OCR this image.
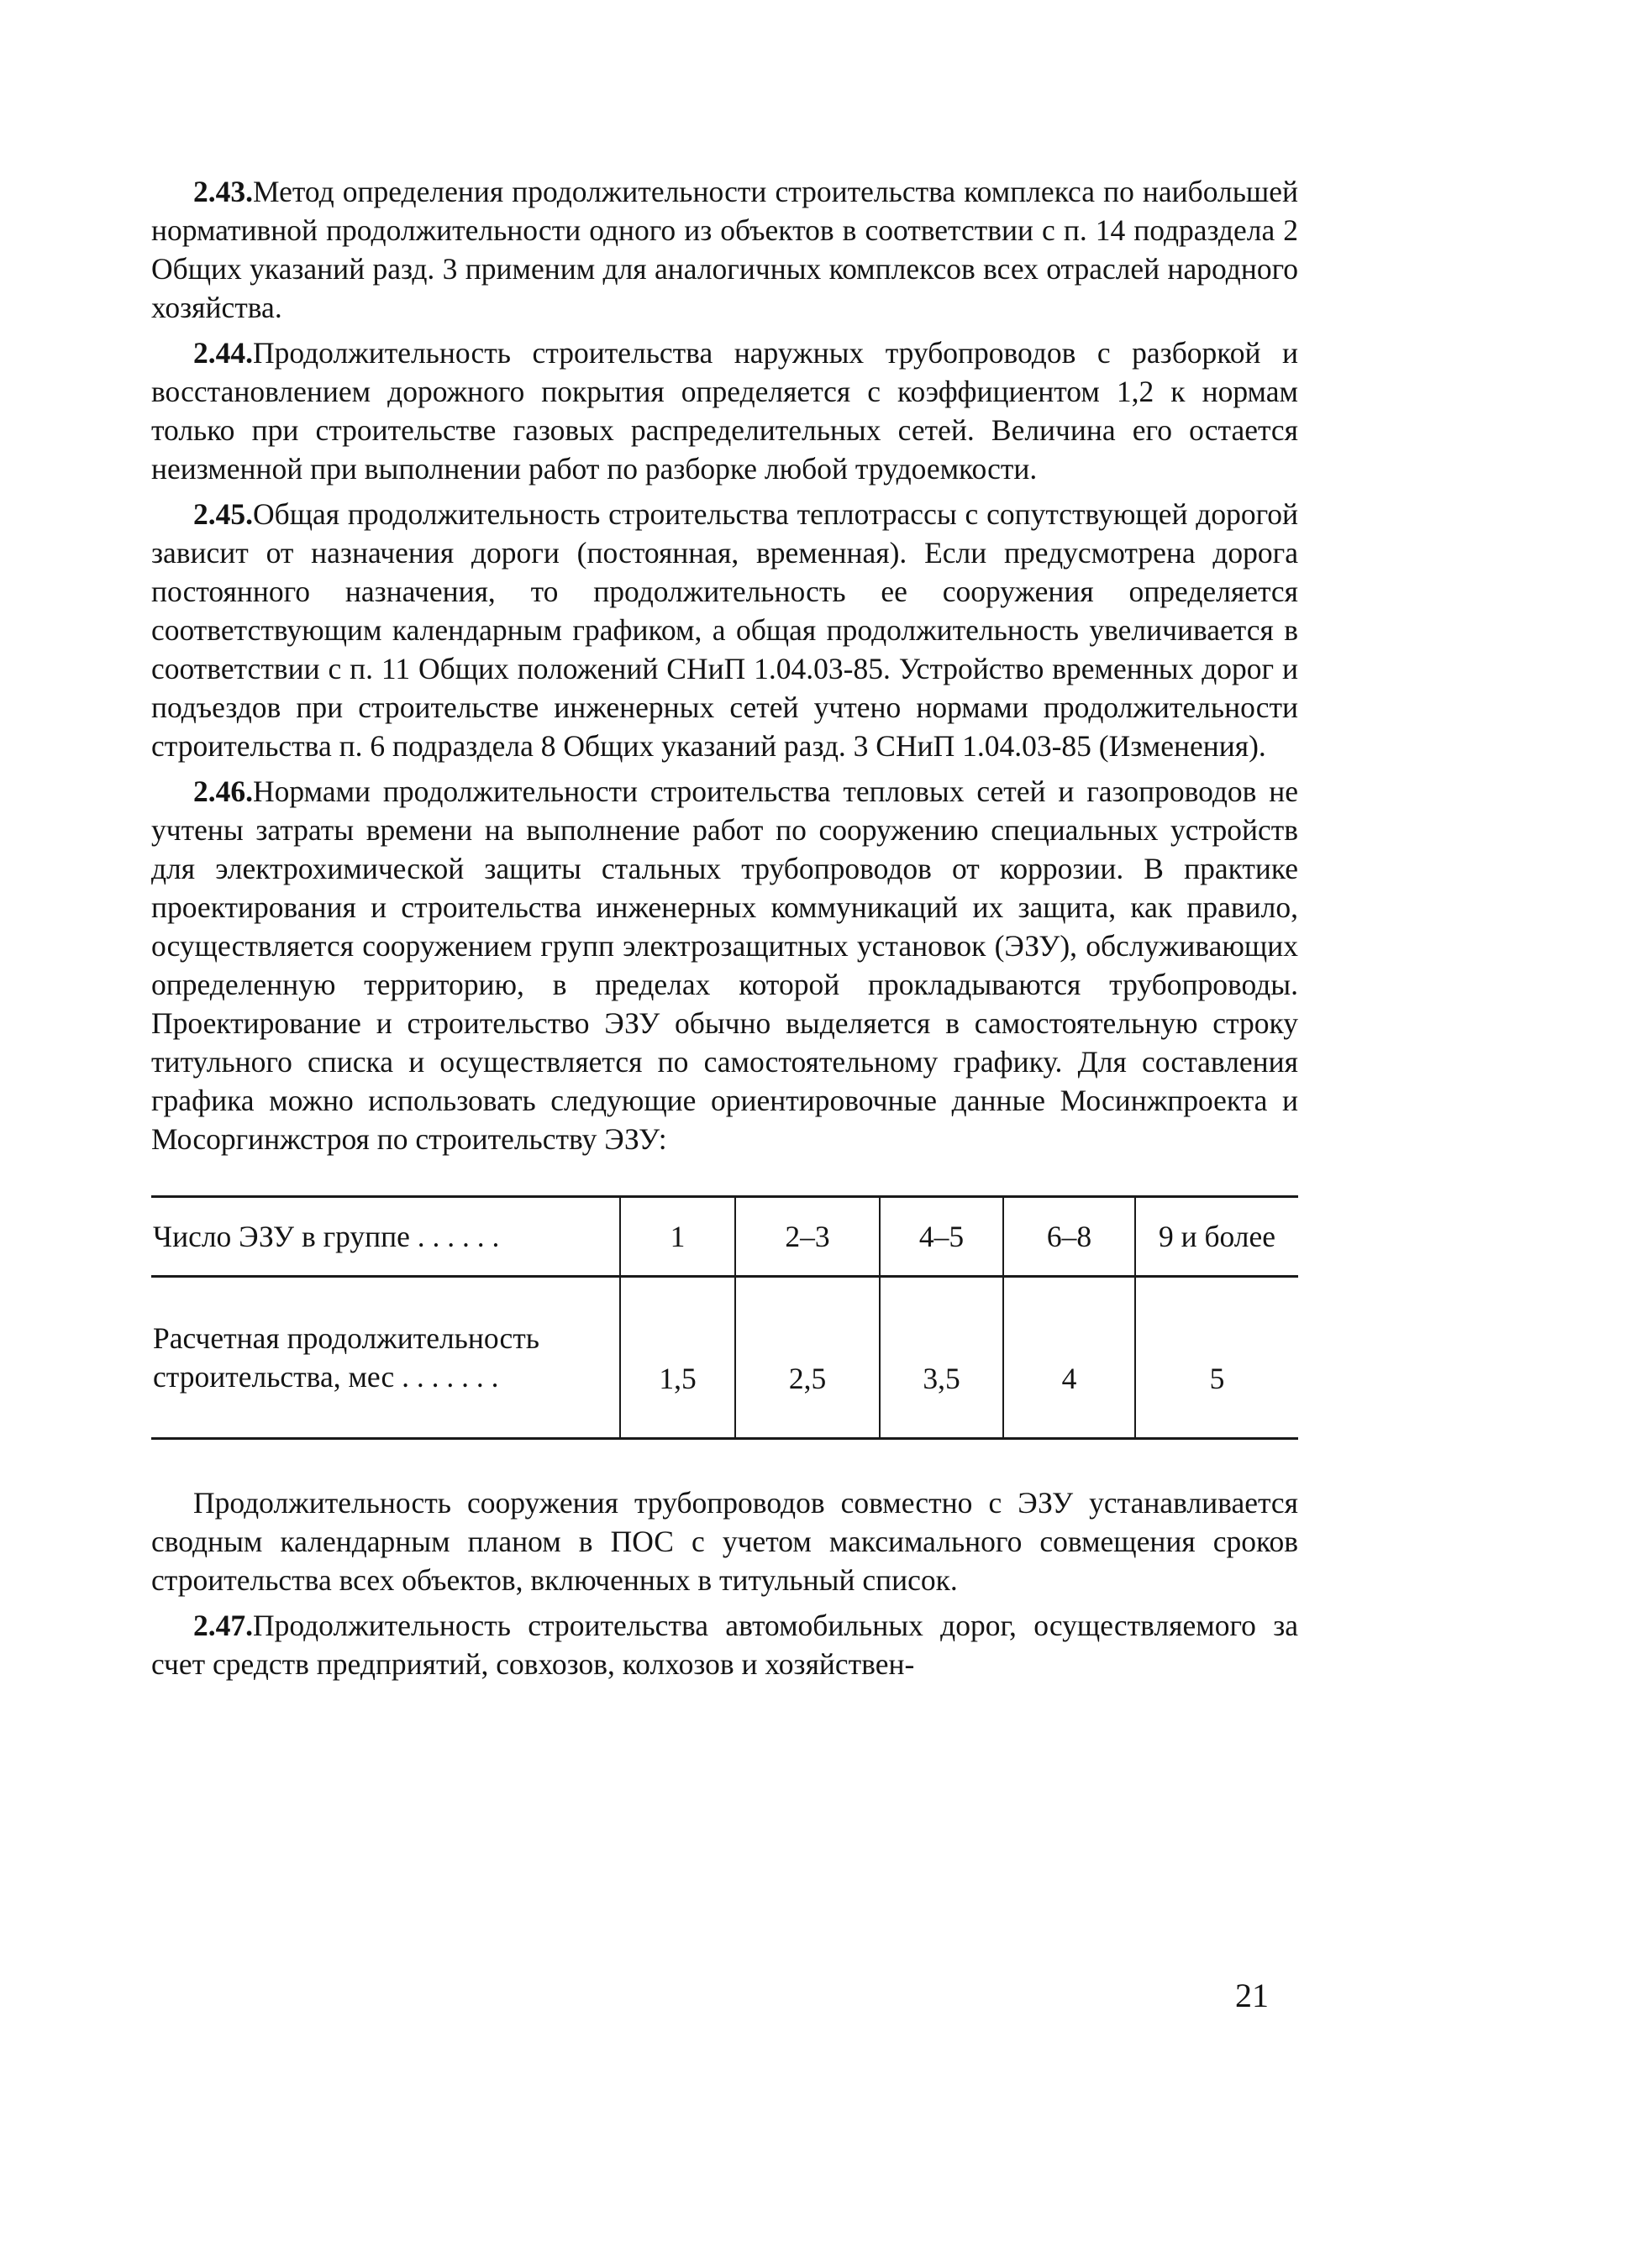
2.43.Метод определения продолжительности строительства комплекса по наибольшей нормативной продолжительности одного из объектов в соответствии с п. 14 подраздела 2 Общих указаний разд. 3 применим для аналогичных комплексов всех отраслей народного хозяйства.

2.44.Продолжительность строительства наружных трубопроводов с разборкой и восстановлением дорожного покрытия определяется с коэффициентом 1,2 к нормам только при строительстве газовых распределительных сетей. Величина его остается неизменной при выполнении работ по разборке любой трудоемкости.

2.45.Общая продолжительность строительства теплотрассы с сопутствующей дорогой зависит от назначения дороги (постоянная, временная). Если предусмотрена дорога постоянного назначения, то продолжительность ее сооружения определяется соответствующим календарным графиком, а общая продолжительность увеличивается в соответствии с п. 11 Общих положений СНиП 1.04.03-85. Устройство временных дорог и подъездов при строительстве инженерных сетей учтено нормами продолжительности строительства п. 6 подраздела 8 Общих указаний разд. 3 СНиП 1.04.03-85 (Изменения).

2.46.Нормами продолжительности строительства тепловых сетей и газопроводов не учтены затраты времени на выполнение работ по сооружению специальных устройств для электрохимической защиты стальных трубопроводов от коррозии. В практике проектирования и строительства инженерных коммуникаций их защита, как правило, осуществляется сооружением групп электрозащитных установок (ЭЗУ), обслуживающих определенную территорию, в пределах которой прокладываются трубопроводы. Проектирование и строительство ЭЗУ обычно выделяется в самостоятельную строку титульного списка и осуществляется по самостоятельному графику. Для составления графика можно использовать следующие ориентировочные данные Мосинжпроекта и Мосоргинжстроя по строительству ЭЗУ:

Число ЭЗУ в группе . . . . . .	1	2–3	4–5	6–8	9 и более

Расчетная продолжительность
строительства, мес . . . . . . .	1,5	2,5	3,5	4	5

Продолжительность сооружения трубопроводов совместно с ЭЗУ устанавливается сводным календарным планом в ПОС с учетом максимального совмещения сроков строительства всех объектов, включенных в титульный список.

2.47.Продолжительность строительства автомобильных дорог, осуществляемого за счет средств предприятий, совхозов, колхозов и хозяйствен-

21
